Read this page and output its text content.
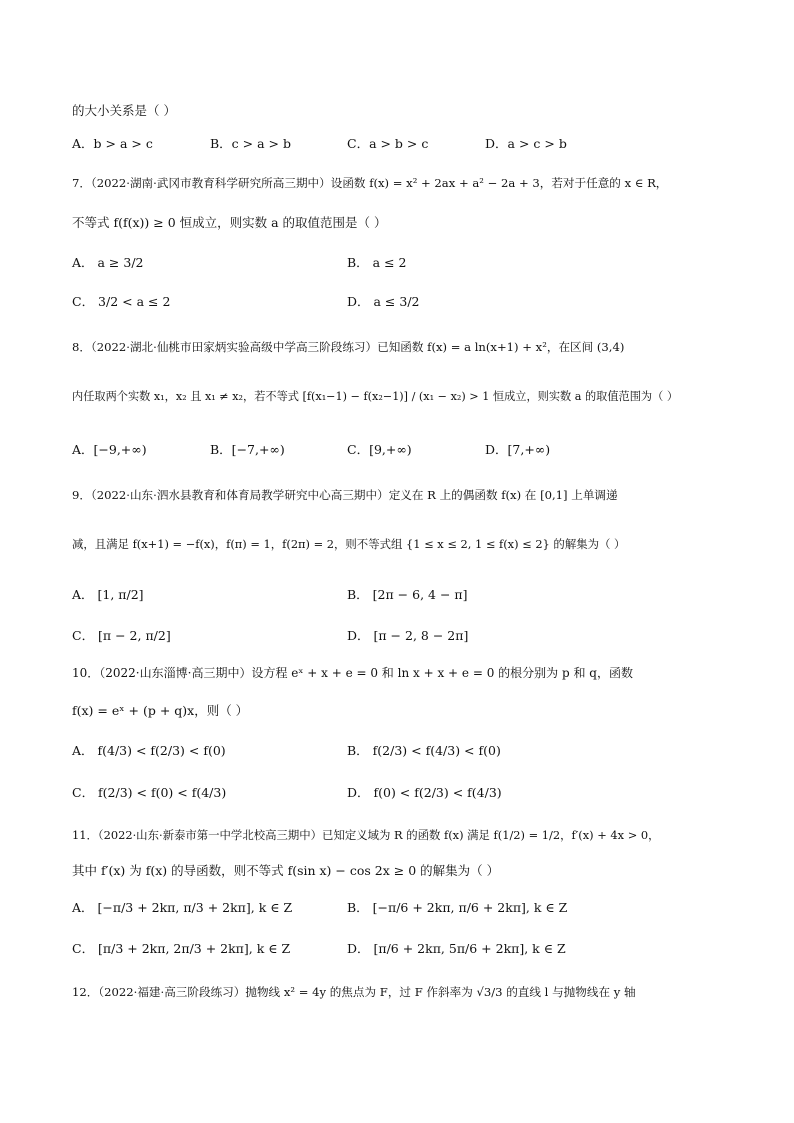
的大小关系是（ ）
A．b > a > c	B．c > a > b	C．a > b > c	D．a > c > b
7．（2022·湖南·武冈市教育科学研究所高三期中）设函数 f(x) = x² + 2ax + a² − 2a + 3，若对于任意的 x ∈ R，
不等式 f(f(x)) ≥ 0 恒成立，则实数 a 的取值范围是（ ）
A． a ≥ 3/2	B． a ≤ 2
C． 3/2 < a ≤ 2	D． a ≤ 3/2
8．（2022·湖北·仙桃市田家炳实验高级中学高三阶段练习）已知函数 f(x) = a ln(x+1) + x²，在区间 (3,4)
内任取两个实数 x₁，x₂ 且 x₁ ≠ x₂，若不等式 [f(x₁−1) − f(x₂−1)] / (x₁ − x₂) > 1 恒成立，则实数 a 的取值范围为（ ）
A．[−9,+∞)	B．[−7,+∞)	C．[9,+∞)	D．[7,+∞)
9．（2022·山东·泗水县教育和体育局教学研究中心高三期中）定义在 R 上的偶函数 f(x) 在 [0,1] 上单调递
减，且满足 f(x+1) = −f(x)，f(π) = 1，f(2π) = 2，则不等式组 {1 ≤ x ≤ 2, 1 ≤ f(x) ≤ 2} 的解集为（ ）
A． [1, π/2]	B． [2π − 6, 4 − π]
C． [π − 2, π/2]	D． [π − 2, 8 − 2π]
10．（2022·山东淄博·高三期中）设方程 eˣ + x + e = 0 和 ln x + x + e = 0 的根分别为 p 和 q，函数
f(x) = eˣ + (p + q)x，则（ ）
A． f(4/3) < f(2/3) < f(0)	B． f(2/3) < f(4/3) < f(0)
C． f(2/3) < f(0) < f(4/3)	D． f(0) < f(2/3) < f(4/3)
11．（2022·山东·新泰市第一中学北校高三期中）已知定义域为 R 的函数 f(x) 满足 f(1/2) = 1/2，f′(x) + 4x > 0，
其中 f′(x) 为 f(x) 的导函数，则不等式 f(sin x) − cos 2x ≥ 0 的解集为（ ）
A． [−π/3 + 2kπ, π/3 + 2kπ], k ∈ Z	B． [−π/6 + 2kπ, π/6 + 2kπ], k ∈ Z
C． [π/3 + 2kπ, 2π/3 + 2kπ], k ∈ Z	D． [π/6 + 2kπ, 5π/6 + 2kπ], k ∈ Z
12．（2022·福建·高三阶段练习）抛物线 x² = 4y 的焦点为 F，过 F 作斜率为 √3/3 的直线 l 与抛物线在 y 轴
